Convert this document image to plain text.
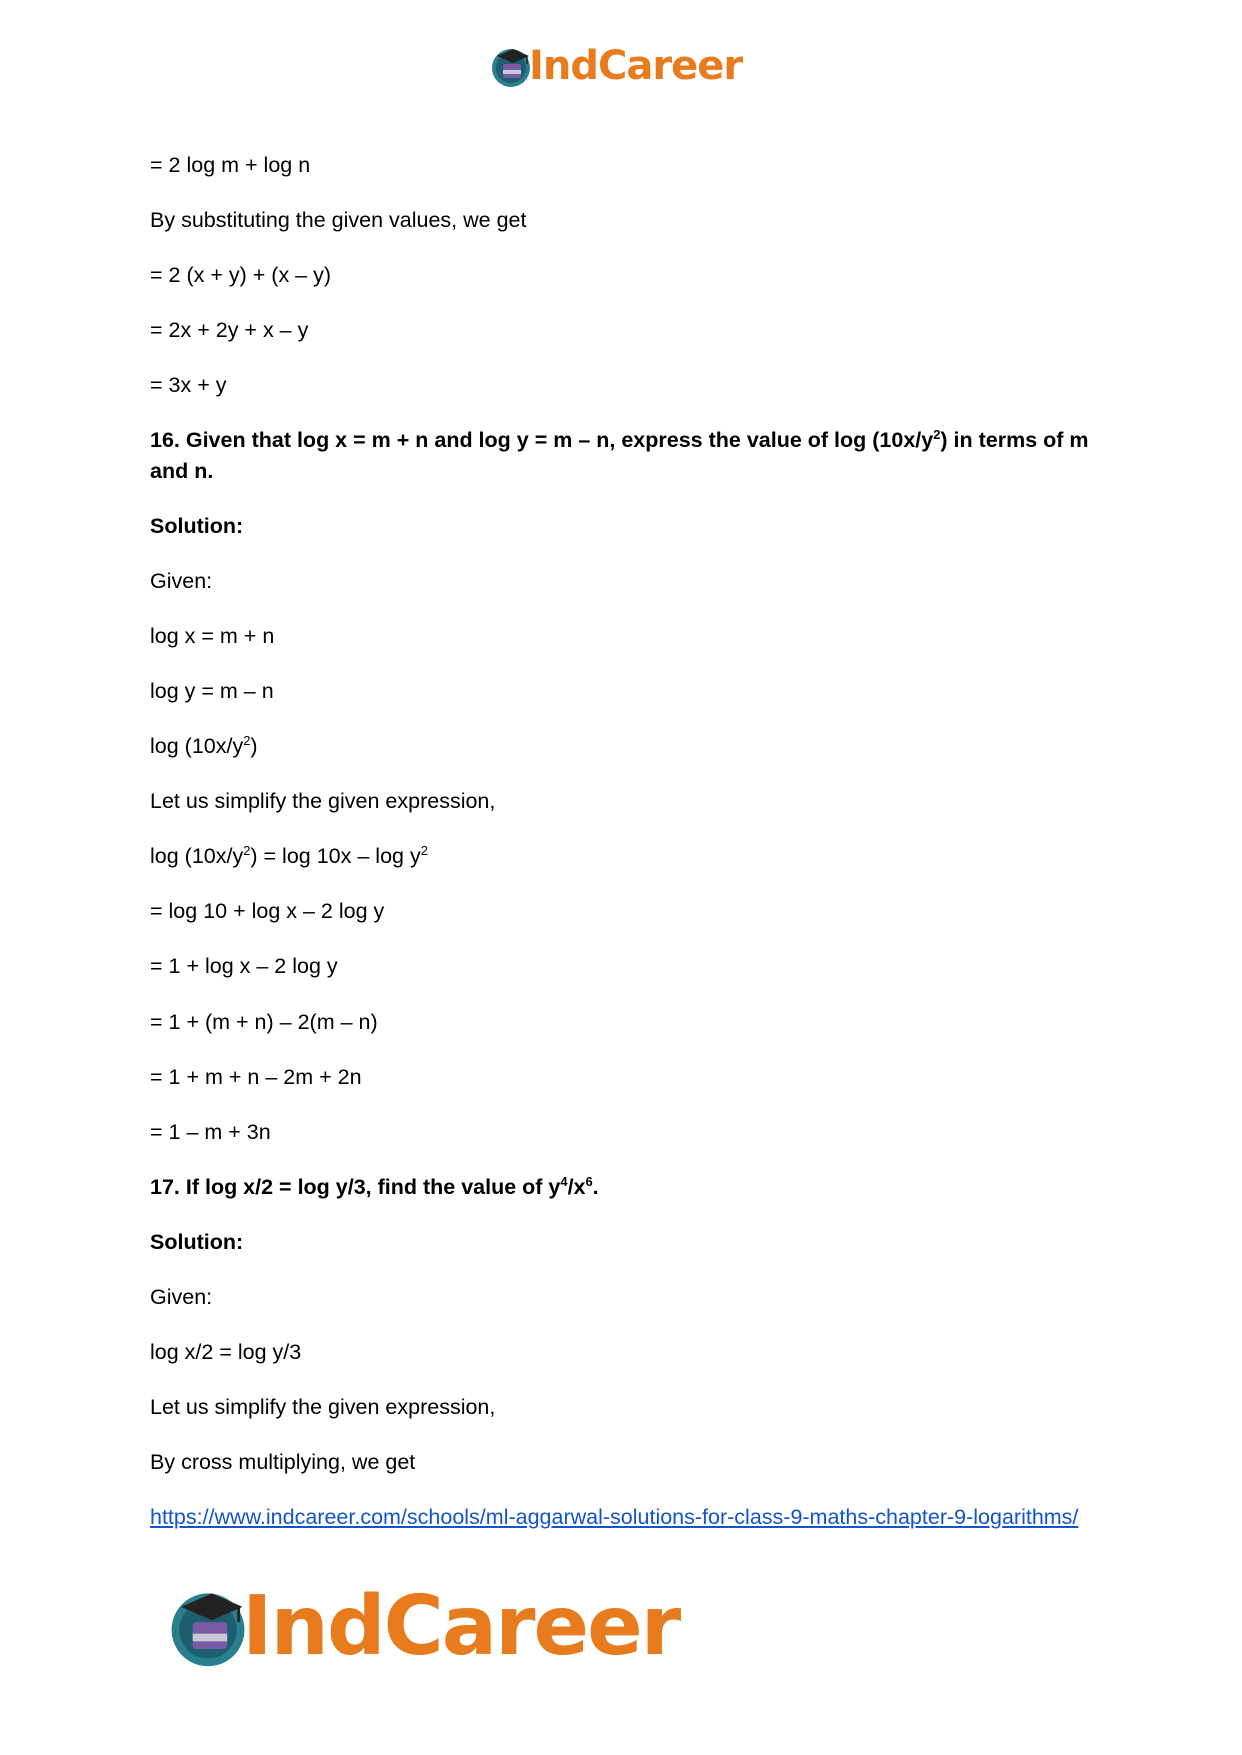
IndCareer

= 2 log m + log n

By substituting the given values, we get

= 2 (x + y) + (x – y)

= 2x + 2y + x – y

= 3x + y

16. Given that log x = m + n and log y = m – n, express the value of $\log (10x/y^2)$ in terms of m and n.

Solution:

Given:

log x = m + n

log y = m – n

$\log (10x/y^2)$

Let us simplify the given expression,

$\log (10x/y^2) = \log 10x - \log y^2$

= log 10 + log x – 2 log y

= 1 + log x – 2 log y

= 1 + (m + n) – 2(m – n)

= 1 + m + n – 2m + 2n

= 1 – m + 3n

17. If log x/2 = log y/3, find the value of $y^4/x^6$.

Solution:

Given:

log x/2 = log y/3

Let us simplify the given expression,

By cross multiplying, we get

https://www.indcareer.com/schools/ml-aggarwal-solutions-for-class-9-maths-chapter-9-logarithms/
IndCareer
